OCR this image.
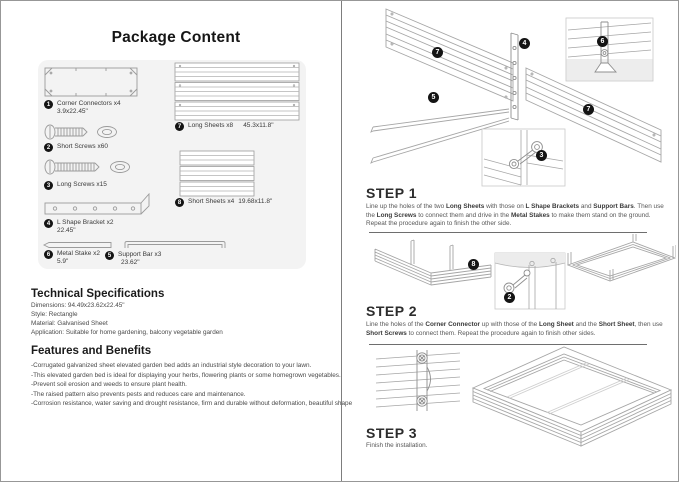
Package Content
1	Corner Connectors x4
3.9x22.45"
2	Short Screws x60
3	Long Screws x15
4	L Shape Bracket x2
22.45"
6	Metal Stake x2
5.9"
5	Support Bar x3
23.62"
7	Long Sheets x8 45.3x11.8"
8	Short Sheets x4 19.68x11.8"
Technical Specifications
Dimensions: 94.49x23.62x22.45"
Style: Rectangle
Material: Galvanised Sheet
Application: Suitable for home gardening, balcony vegetable garden
Features and Benefits
-Corrugated galvanized sheet elevated garden bed adds an industrial style decoration to your lawn.
-This elevated garden bed is ideal for displaying your herbs, flowering plants or some homegrown vegetables.
-Prevent soil erosion and weeds to ensure plant health.
-The raised pattern also prevents pests and reduces care and maintenance.
-Corrosion resistance, water saving and drought resistance, firm and durable without deformation, beautiful shape
7
4	6
5
7
3
STEP 1
Line up the holes of the two Long Sheets with those on L Shape Brackets and Support Bars. Then use the Long Screws to connect them and drive in the Metal Stakes to make them stand on the ground. Repeat the procedure again to finish the other side.
8
2
STEP 2
Line the holes of the Corner Connector up with those of the Long Sheet and the Short Sheet, then use Short Screws to connect them. Repeat the procedure again to finish other sides.
STEP 3
Finish the installation.
